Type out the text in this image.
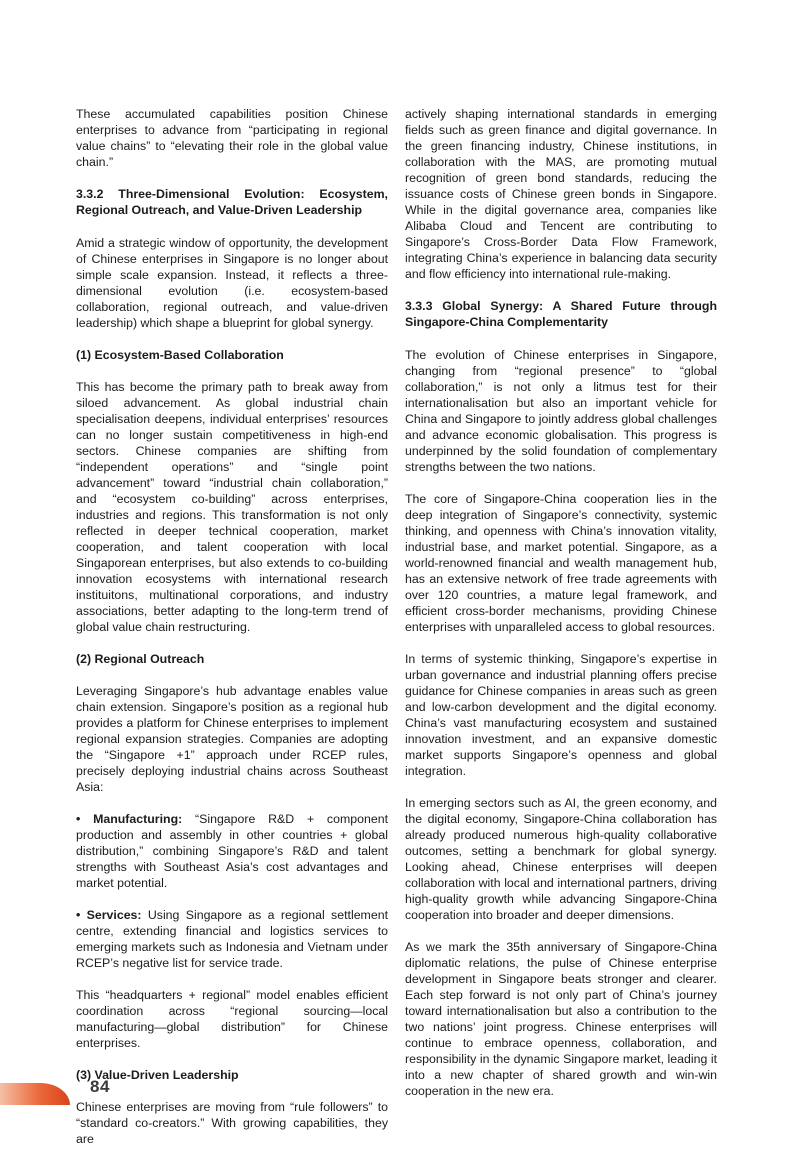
These accumulated capabilities position Chinese enterprises to advance from “participating in regional value chains” to “elevating their role in the global value chain.”

3.3.2 Three-Dimensional Evolution: Ecosystem, Regional Outreach, and Value-Driven Leadership

Amid a strategic window of opportunity, the development of Chinese enterprises in Singapore is no longer about simple scale expansion. Instead, it reflects a three-dimensional evolution (i.e. ecosystem-based collaboration, regional outreach, and value-driven leadership) which shape a blueprint for global synergy.

(1) Ecosystem-Based Collaboration

This has become the primary path to break away from siloed advancement. As global industrial chain specialisation deepens, individual enterprises’ resources can no longer sustain competitiveness in high-end sectors. Chinese companies are shifting from “independent operations” and “single point advancement” toward “industrial chain collaboration,” and “ecosystem co-building” across enterprises, industries and regions. This transformation is not only reflected in deeper technical cooperation, market cooperation, and talent cooperation with local Singaporean enterprises, but also extends to co-building innovation ecosystems with international research instituitons, multinational corporations, and industry associations, better adapting to the long-term trend of global value chain restructuring.

(2) Regional Outreach

Leveraging Singapore’s hub advantage enables value chain extension. Singapore’s position as a regional hub provides a platform for Chinese enterprises to implement regional expansion strategies. Companies are adopting the “Singapore +1” approach under RCEP rules, precisely deploying industrial chains across Southeast Asia:

• Manufacturing: “Singapore R&D + component production and assembly in other countries + global distribution,” combining Singapore’s R&D and talent strengths with Southeast Asia’s cost advantages and market potential.

• Services: Using Singapore as a regional settlement centre, extending financial and logistics services to emerging markets such as Indonesia and Vietnam under RCEP’s negative list for service trade.

This “headquarters + regional” model enables efficient coordination across “regional sourcing—local manufacturing—global distribution” for Chinese enterprises.

(3) Value-Driven Leadership

Chinese enterprises are moving from “rule followers” to “standard co-creators.” With growing capabilities, they are

actively shaping international standards in emerging fields such as green finance and digital governance. In the green financing industry, Chinese institutions, in collaboration with the MAS, are promoting mutual recognition of green bond standards, reducing the issuance costs of Chinese green bonds in Singapore. While in the digital governance area, companies like Alibaba Cloud and Tencent are contributing to Singapore’s Cross-Border Data Flow Framework, integrating China’s experience in balancing data security and flow efficiency into international rule-making.

3.3.3 Global Synergy: A Shared Future through Singapore-China Complementarity

The evolution of Chinese enterprises in Singapore, changing from “regional presence” to “global collaboration,” is not only a litmus test for their internationalisation but also an important vehicle for China and Singapore to jointly address global challenges and advance economic globalisation. This progress is underpinned by the solid foundation of complementary strengths between the two nations.

The core of Singapore-China cooperation lies in the deep integration of Singapore’s connectivity, systemic thinking, and openness with China’s innovation vitality, industrial base, and market potential. Singapore, as a world-renowned financial and wealth management hub, has an extensive network of free trade agreements with over 120 countries, a mature legal framework, and efficient cross-border mechanisms, providing Chinese enterprises with unparalleled access to global resources.

In terms of systemic thinking, Singapore’s expertise in urban governance and industrial planning offers precise guidance for Chinese companies in areas such as green and low-carbon development and the digital economy. China’s vast manufacturing ecosystem and sustained innovation investment, and an expansive domestic market supports Singapore’s openness and global integration.

In emerging sectors such as AI, the green economy, and the digital economy, Singapore-China collaboration has already produced numerous high-quality collaborative outcomes, setting a benchmark for global synergy. Looking ahead, Chinese enterprises will deepen collaboration with local and international partners, driving high-quality growth while advancing Singapore-China cooperation into broader and deeper dimensions.

As we mark the 35th anniversary of Singapore-China diplomatic relations, the pulse of Chinese enterprise development in Singapore beats stronger and clearer. Each step forward is not only part of China’s journey toward internationalisation but also a contribution to the two nations’ joint progress. Chinese enterprises will continue to embrace openness, collaboration, and responsibility in the dynamic Singapore market, leading it into a new chapter of shared growth and win-win cooperation in the new era.

84
